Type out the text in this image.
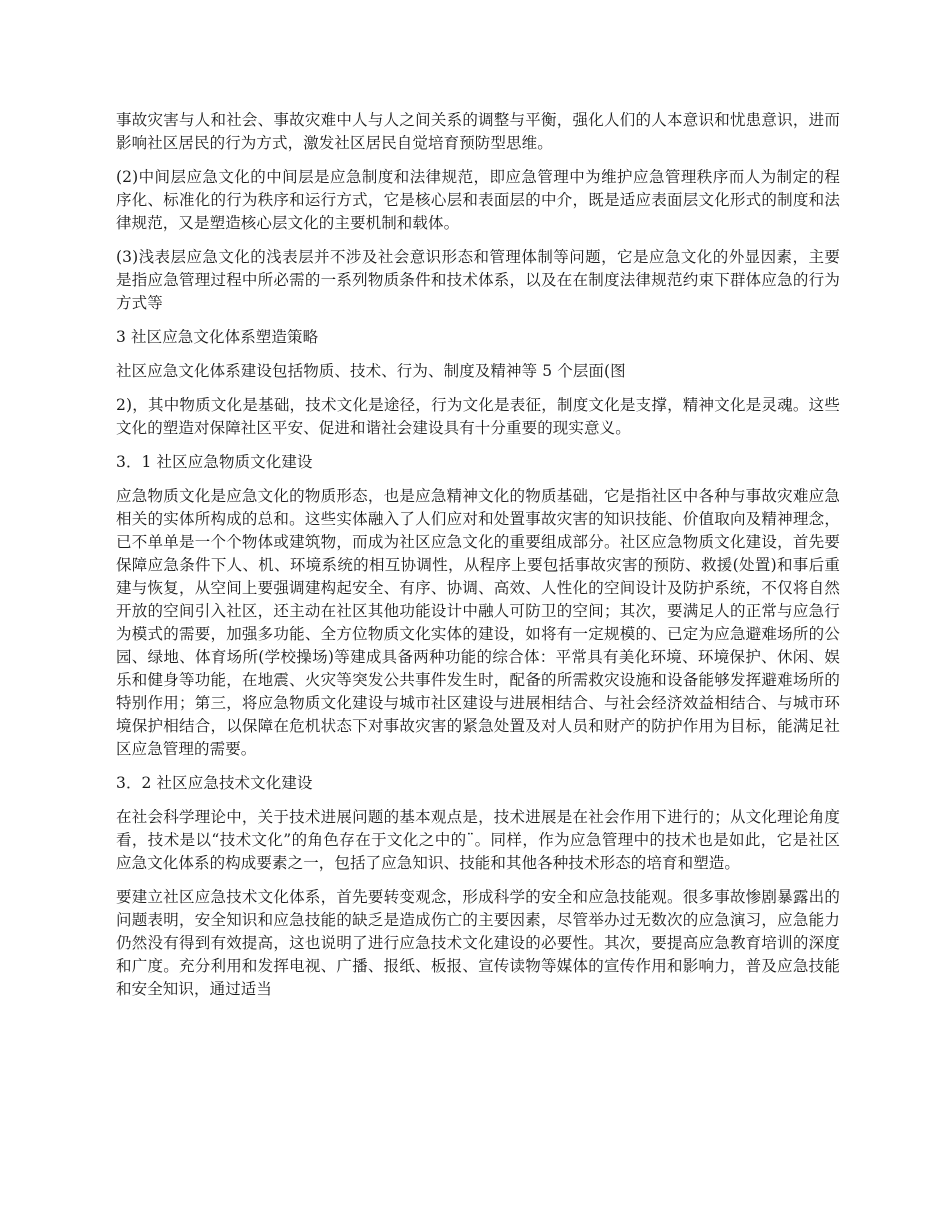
事故灾害与人和社会、事故灾难中人与人之间关系的调整与平衡，强化人们的人本意识和忧患意识，进而影响社区居民的行为方式，激发社区居民自觉培育预防型思维。

(2)中间层应急文化的中间层是应急制度和法律规范，即应急管理中为维护应急管理秩序而人为制定的程序化、标准化的行为秩序和运行方式，它是核心层和表面层的中介，既是适应表面层文化形式的制度和法律规范，又是塑造核心层文化的主要机制和载体。

(3)浅表层应急文化的浅表层并不涉及社会意识形态和管理体制等问题，它是应急文化的外显因素，主要是指应急管理过程中所必需的一系列物质条件和技术体系，以及在在制度法律规范约束下群体应急的行为方式等

3 社区应急文化体系塑造策略

社区应急文化体系建设包括物质、技术、行为、制度及精神等 5 个层面(图

2)，其中物质文化是基础，技术文化是途径，行为文化是表征，制度文化是支撑，精神文化是灵魂。这些文化的塑造对保障社区平安、促进和谐社会建设具有十分重要的现实意义。

3．1 社区应急物质文化建设

应急物质文化是应急文化的物质形态，也是应急精神文化的物质基础，它是指社区中各种与事故灾难应急相关的实体所构成的总和。这些实体融入了人们应对和处置事故灾害的知识技能、价值取向及精神理念，已不单单是一个个物体或建筑物，而成为社区应急文化的重要组成部分。社区应急物质文化建设，首先要保障应急条件下人、机、环境系统的相互协调性，从程序上要包括事故灾害的预防、救援(处置)和事后重建与恢复，从空间上要强调建构起安全、有序、协调、高效、人性化的空间设计及防护系统，不仅将自然开放的空间引入社区，还主动在社区其他功能设计中融人可防卫的空间；其次，要满足人的正常与应急行为模式的需要，加强多功能、全方位物质文化实体的建设，如将有一定规模的、已定为应急避难场所的公园、绿地、体育场所(学校操场)等建成具备两种功能的综合体：平常具有美化环境、环境保护、休闲、娱乐和健身等功能，在地震、火灾等突发公共事件发生时，配备的所需救灾设施和设备能够发挥避难场所的特别作用；第三，将应急物质文化建设与城市社区建设与进展相结合、与社会经济效益相结合、与城市环境保护相结合，以保障在危机状态下对事故灾害的紧急处置及对人员和财产的防护作用为目标，能满足社区应急管理的需要。

3．2 社区应急技术文化建设

在社会科学理论中，关于技术进展问题的基本观点是，技术进展是在社会作用下进行的；从文化理论角度看，技术是以“技术文化”的角色存在于文化之中的¨。同样，作为应急管理中的技术也是如此，它是社区应急文化体系的构成要素之一，包括了应急知识、技能和其他各种技术形态的培育和塑造。

要建立社区应急技术文化体系，首先要转变观念，形成科学的安全和应急技能观。很多事故惨剧暴露出的问题表明，安全知识和应急技能的缺乏是造成伤亡的主要因素，尽管举办过无数次的应急演习，应急能力仍然没有得到有效提高，这也说明了进行应急技术文化建设的必要性。其次，要提高应急教育培训的深度和广度。充分利用和发挥电视、广播、报纸、板报、宣传读物等媒体的宣传作用和影响力，普及应急技能和安全知识，通过适当
